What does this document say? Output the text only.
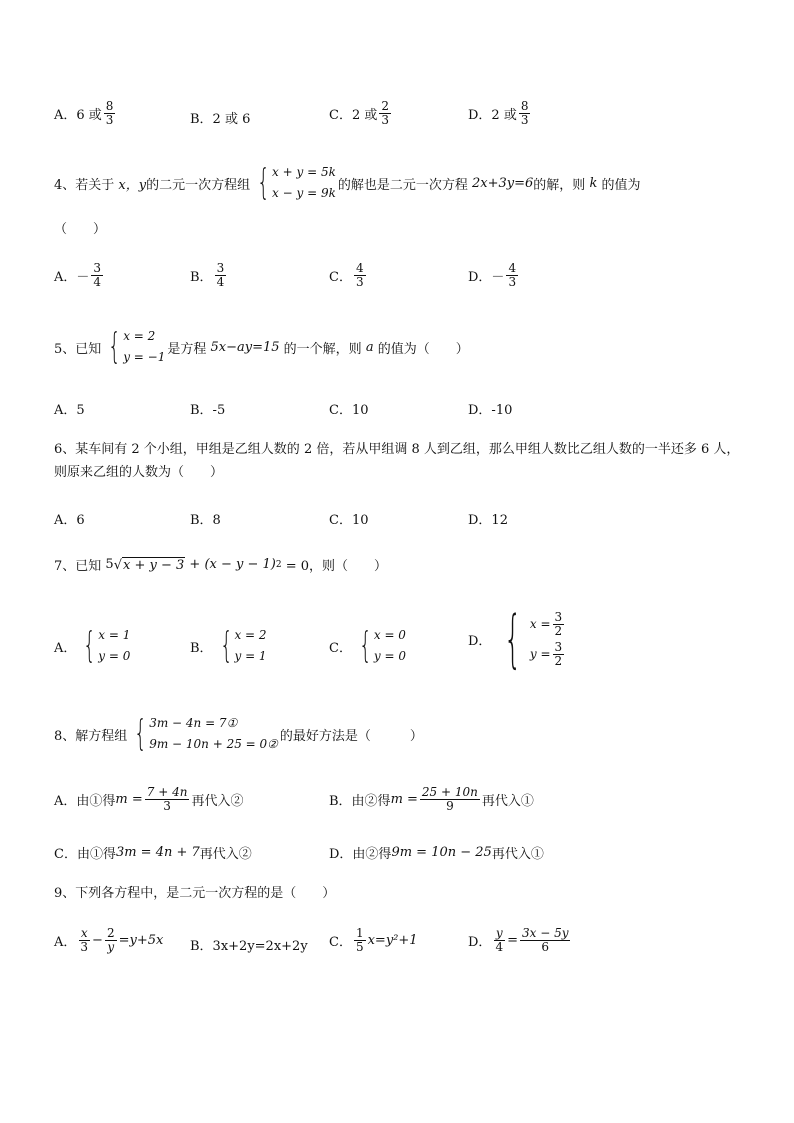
A．6 或 $\frac{8}{3}$	B．2 或 6	C．2 或 $\frac{2}{3}$	D．2 或 $\frac{8}{3}$
4、若关于
x，y 的二元一次方程组 { x + y = 5k
x − y = 9k
的解也是二元一次方程
2x+3y=6 的解，则
k
的值为
（　　）
A．－ $\frac{3}{4}$	B． $\frac{3}{4}$	C． $\frac{4}{3}$	D．－ $\frac{4}{3}$
5、已知 { x = 2
y = −1
是方程
5x−ay=15
的一个解，则
a
的值为（　　）
A．5	B．-5	C．10	D．-10
6、某车间有 2 个小组，甲组是乙组人数的 2 倍，若从甲组调 8 人到乙组，那么甲组人数比乙组人数的一半还多 6 人，则原来乙组的人数为（　　）
A．6	B．8	C．10	D．12
7、已知
5 √ x + y − 3
+
(x − y − 1) 2
= 0，则（　　）
A． { x = 1
y = 0
B． { x = 2
y = 1
C． { x = 0
y = 0
D． { $x = \frac{3}{2}$
$y = \frac{3}{2}$
8、解方程组 { 3m − 4n = 7①
9m − 10n + 25 = 0②
的最好方法是（　　　）
A．由①得 $m = \frac{7 + 4n}{3}$ 再代入②	B．由②得 $m = \frac{25 + 10n}{9}$ 再代入①
C．由①得 3m = 4n + 7 再代入②	D．由②得 9m = 10n − 25 再代入①
9、下列各方程中，是二元一次方程的是（　　）
A． $\frac{x}{3} - \frac{2}{y} =y+5x$ B．3x+2y=2x+2y C． $\frac{1}{5} x=y^2+1$	D． $\frac{y}{4} = \frac{3x - 5y}{6}$
